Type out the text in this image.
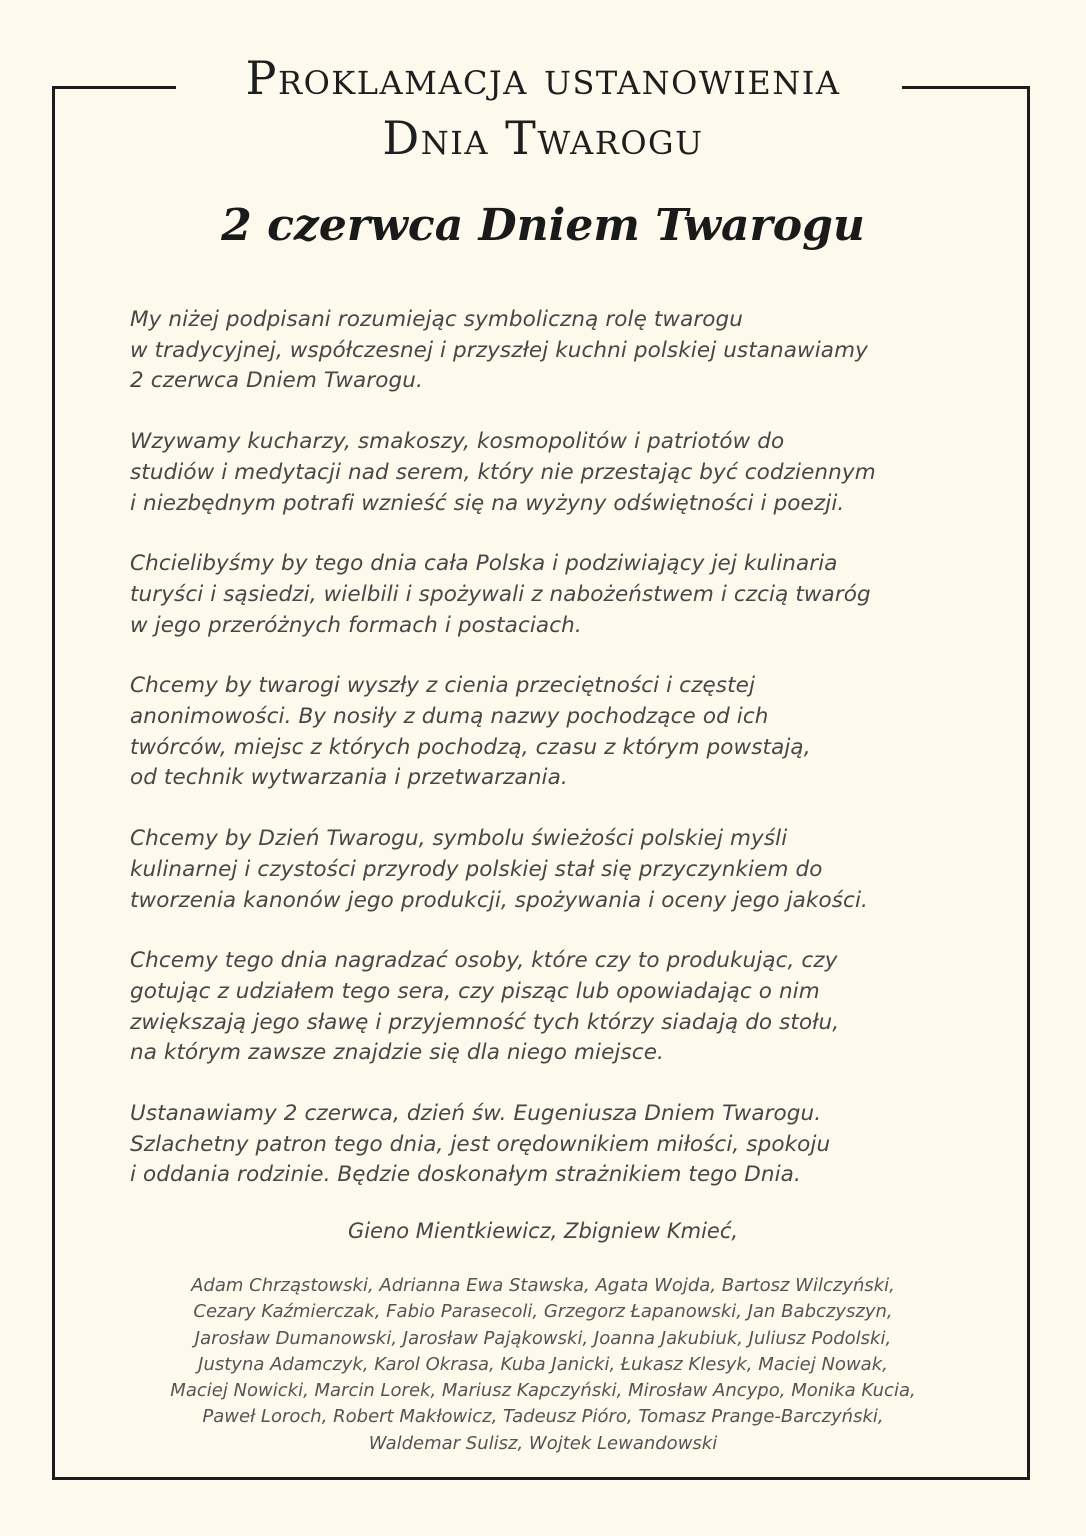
Proklamacja ustanowienia
Dnia Twarogu
2 czerwca Dniem Twarogu

My niżej podpisani rozumiejąc symboliczną rolę twarogu
w tradycyjnej, współczesnej i przyszłej kuchni polskiej ustanawiamy
2 czerwca Dniem Twarogu.

Wzywamy kucharzy, smakoszy, kosmopolitów i patriotów do
studiów i medytacji nad serem, który nie przestając być codziennym
i niezbędnym potrafi wznieść się na wyżyny odświętności i poezji.

Chcielibyśmy by tego dnia cała Polska i podziwiający jej kulinaria
turyści i sąsiedzi, wielbili i spożywali z nabożeństwem i czcią twaróg
w jego przeróżnych formach i postaciach.

Chcemy by twarogi wyszły z cienia przeciętności i częstej
anonimowości. By nosiły z dumą nazwy pochodzące od ich
twórców, miejsc z których pochodzą, czasu z którym powstają,
od technik wytwarzania i przetwarzania.

Chcemy by Dzień Twarogu, symbolu świeżości polskiej myśli
kulinarnej i czystości przyrody polskiej stał się przyczynkiem do
tworzenia kanonów jego produkcji, spożywania i oceny jego jakości.

Chcemy tego dnia nagradzać osoby, które czy to produkując, czy
gotując z udziałem tego sera, czy pisząc lub opowiadając o nim
zwiększają jego sławę i przyjemność tych którzy siadają do stołu,
na którym zawsze znajdzie się dla niego miejsce.

Ustanawiamy 2 czerwca, dzień św. Eugeniusza Dniem Twarogu.
Szlachetny patron tego dnia, jest orędownikiem miłości, spokoju
i oddania rodzinie. Będzie doskonałym strażnikiem tego Dnia.

Gieno Mientkiewicz, Zbigniew Kmieć,
Adam Chrząstowski, Adrianna Ewa Stawska, Agata Wojda, Bartosz Wilczyński,
Cezary Kaźmierczak, Fabio Parasecoli, Grzegorz Łapanowski, Jan Babczyszyn,
Jarosław Dumanowski, Jarosław Pająkowski, Joanna Jakubiuk, Juliusz Podolski,
Justyna Adamczyk, Karol Okrasa, Kuba Janicki, Łukasz Klesyk, Maciej Nowak,
Maciej Nowicki, Marcin Lorek, Mariusz Kapczyński, Mirosław Ancypo, Monika Kucia,
Paweł Loroch, Robert Makłowicz, Tadeusz Pióro, Tomasz Prange-Barczyński,
Waldemar Sulisz, Wojtek Lewandowski
